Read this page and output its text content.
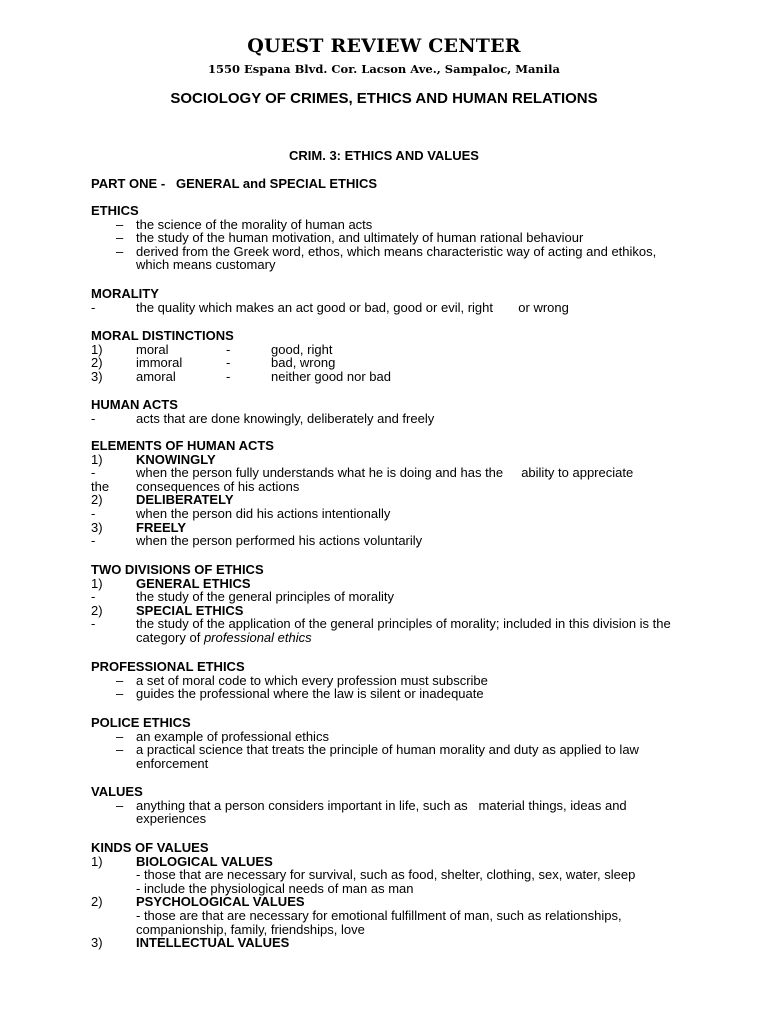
QUEST REVIEW CENTER
1550 Espana Blvd. Cor. Lacson Ave., Sampaloc, Manila
SOCIOLOGY OF CRIMES, ETHICS AND HUMAN RELATIONS
CRIM. 3: ETHICS AND VALUES
PART ONE -   GENERAL and SPECIAL ETHICS
ETHICS
– the science of the morality of human acts
– the study of the human motivation, and ultimately of human rational behaviour
– derived from the Greek word, ethos, which means characteristic way of acting and ethikos, which means customary
MORALITY
- the quality which makes an act good or bad, good or evil, right       or wrong
MORAL DISTINCTIONS
1)	moral	-	good, right
2)	immoral	-	bad, wrong
3)	amoral	-	neither good nor bad
HUMAN ACTS
- acts that are done knowingly, deliberately and freely
ELEMENTS OF HUMAN ACTS
1)	KNOWINGLY
- when the person fully understands what he is doing and has the     ability to appreciate
the consequences of his actions
2)	DELIBERATELY
- when the person did his actions intentionally
3)	FREELY
- when the person performed his actions voluntarily
TWO DIVISIONS OF ETHICS
1)	GENERAL ETHICS
- the study of the general principles of morality
2)	SPECIAL ETHICS
- the study of the application of the general principles of morality; included in this division is the category of professional ethics
PROFESSIONAL ETHICS
– a set of moral code to which every profession must subscribe
– guides the professional where the law is silent or inadequate
POLICE ETHICS
– an example of professional ethics
– a practical science that treats the principle of human morality and duty as applied to law enforcement
VALUES
– anything that a person considers important in life, such as   material things, ideas and experiences
KINDS OF VALUES
1)	BIOLOGICAL VALUES
- those that are necessary for survival, such as food, shelter, clothing, sex, water, sleep
- include the physiological needs of man as man
2)	PSYCHOLOGICAL VALUES
- those are that are necessary for emotional fulfillment of man, such as relationships, companionship, family, friendships, love
3)	INTELLECTUAL VALUES
